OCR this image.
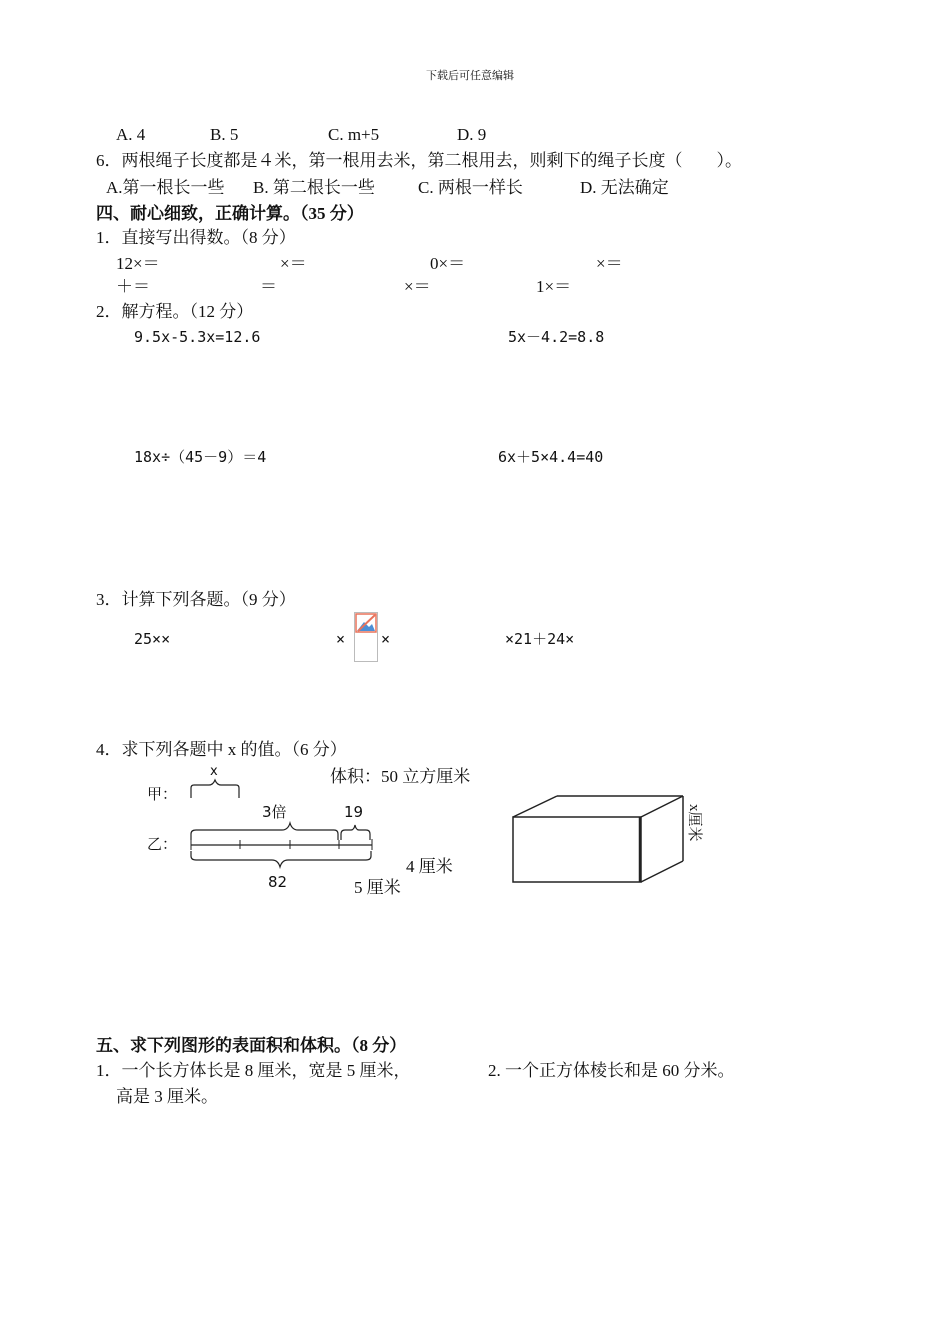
下载后可任意编辑
A. 4	B. 5	C. m+5	D. 9
6．两根绳子长度都是４米，第一根用去米，第二根用去，则剩下的绳子长度（　　）。
A.第一根长一些 B. 第二根长一些	C. 两根一样长	D. 无法确定
四、耐心细致，正确计算。（35 分）
1．直接写出得数。（8 分）
12×＝	×＝	0×＝	×＝
＋＝	＝	×＝	1×＝
2．解方程。（12 分）
9.5x-5.3x=12.6	5x－4.2=8.8
18x÷（45－9）＝4	6x＋5×4.4=40
3．计算下列各题。（9 分）
25××	× ×	×21＋24×
4．求下列各题中 x 的值。（6 分）
体积：50 立方厘米
x
甲：
3倍	19
乙：
82
4 厘米
5 厘米
x厘米
五、求下列图形的表面积和体积。（8 分）
1．一个长方体长是 8 厘米，宽是 5 厘米，	2. 一个正方体棱长和是 60 分米。
高是 3 厘米。
